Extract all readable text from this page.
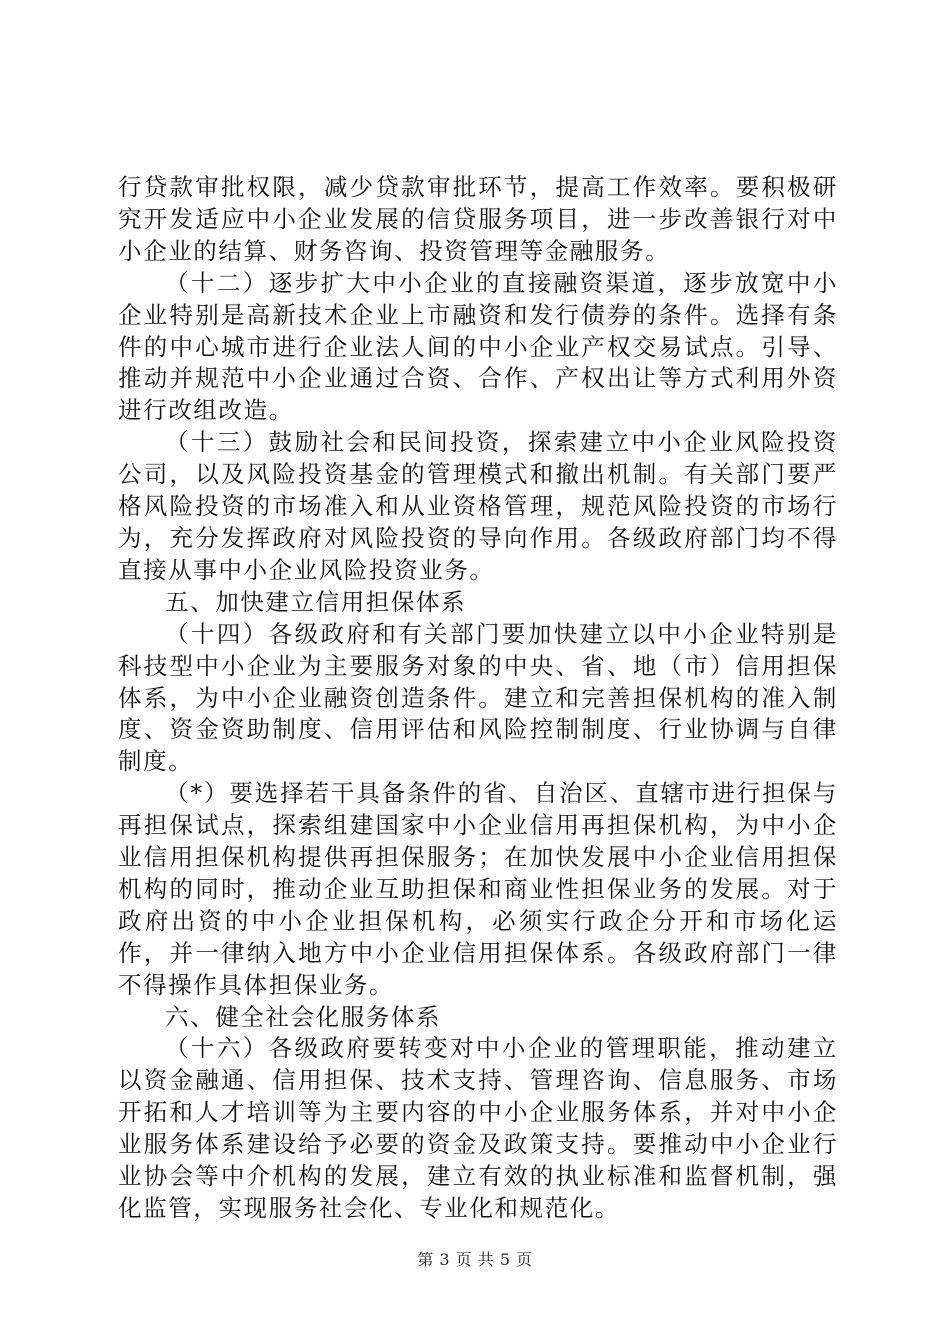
行贷款审批权限，减少贷款审批环节，提高工作效率。要积极研究开发适应中小企业发展的信贷服务项目，进一步改善银行对中小企业的结算、财务咨询、投资管理等金融服务。

（十二）逐步扩大中小企业的直接融资渠道，逐步放宽中小企业特别是高新技术企业上市融资和发行债券的条件。选择有条件的中心城市进行企业法人间的中小企业产权交易试点。引导、推动并规范中小企业通过合资、合作、产权出让等方式利用外资进行改组改造。

（十三）鼓励社会和民间投资，探索建立中小企业风险投资公司，以及风险投资基金的管理模式和撤出机制。有关部门要严格风险投资的市场准入和从业资格管理，规范风险投资的市场行为，充分发挥政府对风险投资的导向作用。各级政府部门均不得直接从事中小企业风险投资业务。

五、加快建立信用担保体系

（十四）各级政府和有关部门要加快建立以中小企业特别是科技型中小企业为主要服务对象的中央、省、地（市）信用担保体系，为中小企业融资创造条件。建立和完善担保机构的准入制度、资金资助制度、信用评估和风险控制制度、行业协调与自律制度。

（*）要选择若干具备条件的省、自治区、直辖市进行担保与再担保试点，探索组建国家中小企业信用再担保机构，为中小企业信用担保机构提供再担保服务；在加快发展中小企业信用担保机构的同时，推动企业互助担保和商业性担保业务的发展。对于政府出资的中小企业担保机构，必须实行政企分开和市场化运作，并一律纳入地方中小企业信用担保体系。各级政府部门一律不得操作具体担保业务。

六、健全社会化服务体系

（十六）各级政府要转变对中小企业的管理职能，推动建立以资金融通、信用担保、技术支持、管理咨询、信息服务、市场开拓和人才培训等为主要内容的中小企业服务体系，并对中小企业服务体系建设给予必要的资金及政策支持。要推动中小企业行业协会等中介机构的发展，建立有效的执业标准和监督机制，强化监管，实现服务社会化、专业化和规范化。

第 3 页 共 5 页
